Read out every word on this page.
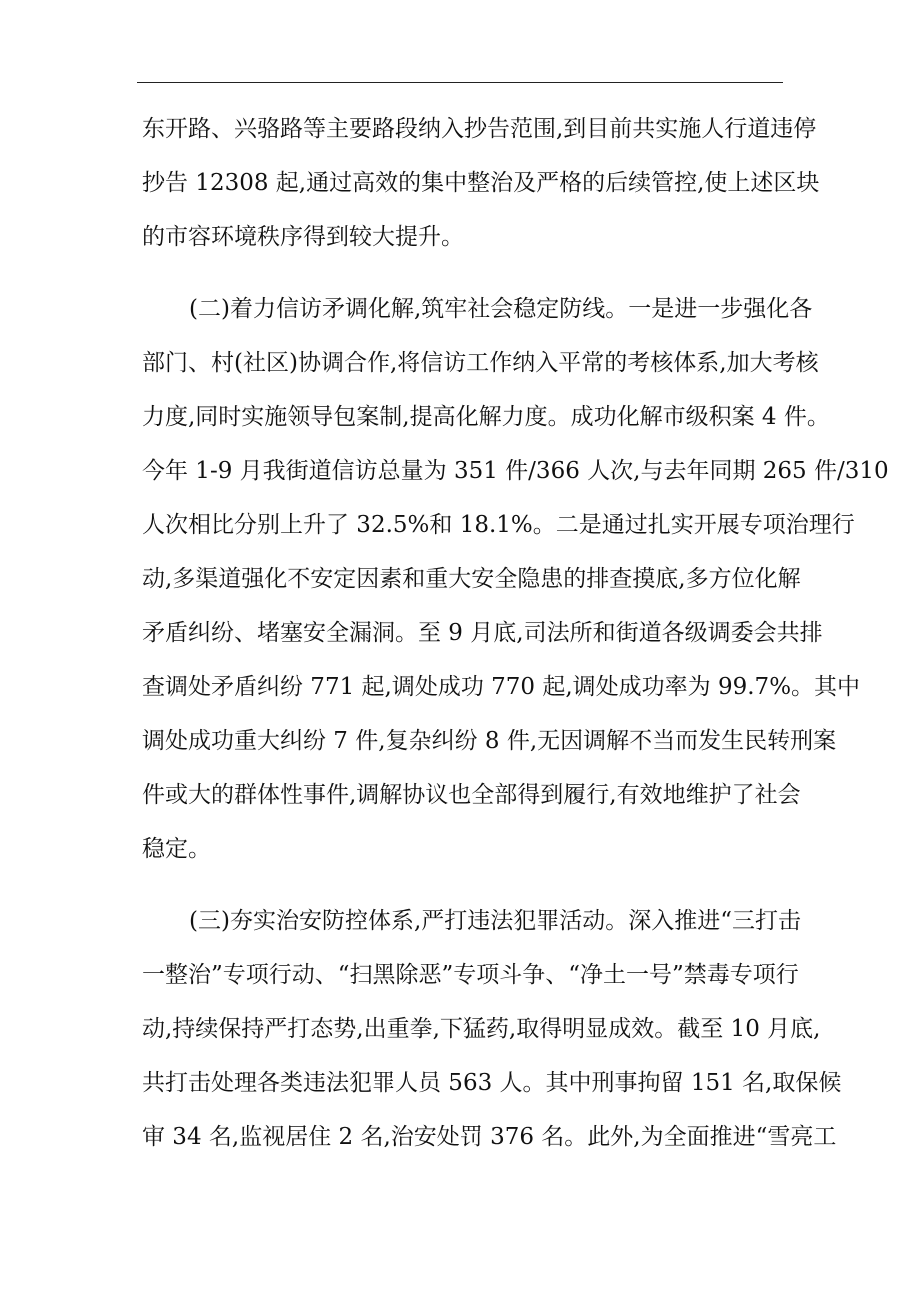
东开路、兴骆路等主要路段纳入抄告范围,到目前共实施人行道违停
抄告 12308 起,通过高效的集中整治及严格的后续管控,使上述区块
的市容环境秩序得到较大提升。
(二)着力信访矛调化解,筑牢社会稳定防线。一是进一步强化各
部门、村(社区)协调合作,将信访工作纳入平常的考核体系,加大考核
力度,同时实施领导包案制,提高化解力度。成功化解市级积案 4 件。
今年 1-9 月我街道信访总量为 351 件/366 人次,与去年同期 265 件/310
人次相比分别上升了 32.5%和 18.1%。二是通过扎实开展专项治理行
动,多渠道强化不安定因素和重大安全隐患的排查摸底,多方位化解
矛盾纠纷、堵塞安全漏洞。至 9 月底,司法所和街道各级调委会共排
查调处矛盾纠纷 771 起,调处成功 770 起,调处成功率为 99.7%。其中
调处成功重大纠纷 7 件,复杂纠纷 8 件,无因调解不当而发生民转刑案
件或大的群体性事件,调解协议也全部得到履行,有效地维护了社会
稳定。
(三)夯实治安防控体系,严打违法犯罪活动。深入推进“三打击
一整治”专项行动、“扫黑除恶”专项斗争、“净土一号”禁毒专项行
动,持续保持严打态势,出重拳,下猛药,取得明显成效。截至 10 月底,
共打击处理各类违法犯罪人员 563 人。其中刑事拘留 151 名,取保候
审 34 名,监视居住 2 名,治安处罚 376 名。此外,为全面推进“雪亮工
